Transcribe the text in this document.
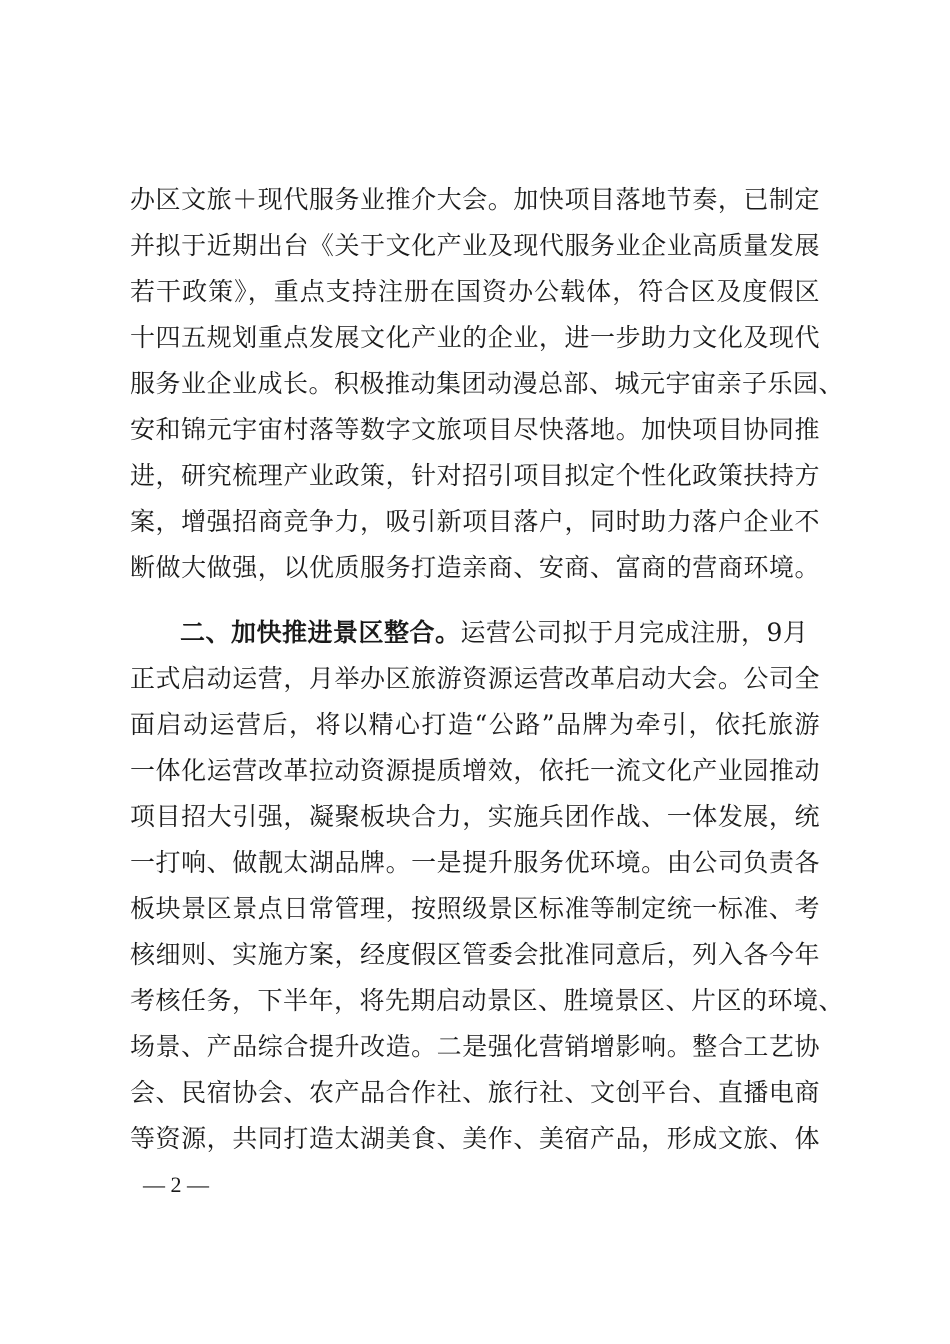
办区文旅＋现代服务业推介大会。加快项目落地节奏，已制定
并拟于近期出台《关于文化产业及现代服务业企业高质量发展
若干政策》，重点支持注册在国资办公载体，符合区及度假区
十四五规划重点发展文化产业的企业，进一步助力文化及现代
服务业企业成长。积极推动集团动漫总部、城元宇宙亲子乐园、
安和锦元宇宙村落等数字文旅项目尽快落地。加快项目协同推
进，研究梳理产业政策，针对招引项目拟定个性化政策扶持方
案，增强招商竞争力，吸引新项目落户，同时助力落户企业不
断做大做强，以优质服务打造亲商、安商、富商的营商环境。
二、加快推进景区整合。运营公司拟于月完成注册，9月
正式启动运营，月举办区旅游资源运营改革启动大会。公司全
面启动运营后，将以精心打造“公路”品牌为牵引，依托旅游
一体化运营改革拉动资源提质增效，依托一流文化产业园推动
项目招大引强，凝聚板块合力，实施兵团作战、一体发展，统
一打响、做靓太湖品牌。一是提升服务优环境。由公司负责各
板块景区景点日常管理，按照级景区标准等制定统一标准、考
核细则、实施方案，经度假区管委会批准同意后，列入各今年
考核任务，下半年，将先期启动景区、胜境景区、片区的环境、
场景、产品综合提升改造。二是强化营销增影响。整合工艺协
会、民宿协会、农产品合作社、旅行社、文创平台、直播电商
等资源，共同打造太湖美食、美作、美宿产品，形成文旅、体
— 2 —
